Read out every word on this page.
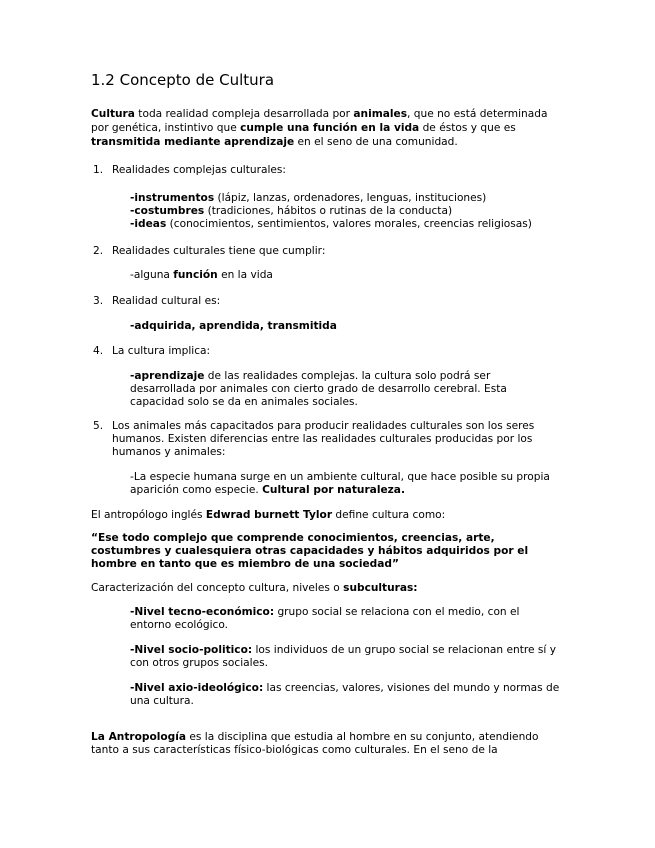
1.2 Concepto de Cultura
Cultura toda realidad compleja desarrollada por animales, que no está determinada
por genética, instintivo que cumple una función en la vida de éstos y que es
transmitida mediante aprendizaje en el seno de una comunidad.
1. Realidades complejas culturales:
-instrumentos (lápiz, lanzas, ordenadores, lenguas, instituciones)
-costumbres (tradiciones, hábitos o rutinas de la conducta)
-ideas (conocimientos, sentimientos, valores morales, creencias religiosas)
2. Realidades culturales tiene que cumplir:
-alguna función en la vida
3. Realidad cultural es:
-adquirida, aprendida, transmitida
4. La cultura implica:
-aprendizaje de las realidades complejas. la cultura solo podrá ser
desarrollada por animales con cierto grado de desarrollo cerebral. Esta
capacidad solo se da en animales sociales.
5. Los animales más capacitados para producir realidades culturales son los seres
humanos. Existen diferencias entre las realidades culturales producidas por los
humanos y animales:
-La especie humana surge en un ambiente cultural, que hace posible su propia
aparición como especie. Cultural por naturaleza.
El antropólogo inglés Edwrad burnett Tylor define cultura como:
“Ese todo complejo que comprende conocimientos, creencias, arte,
costumbres y cualesquiera otras capacidades y hábitos adquiridos por el
hombre en tanto que es miembro de una sociedad”
Caracterización del concepto cultura, niveles o subculturas:
-Nivel tecno-económico: grupo social se relaciona con el medio, con el
entorno ecológico.
-Nivel socio-politico: los individuos de un grupo social se relacionan entre sí y
con otros grupos sociales.
-Nivel axio-ideológico: las creencias, valores, visiones del mundo y normas de
una cultura.
La Antropología es la disciplina que estudia al hombre en su conjunto, atendiendo
tanto a sus características físico-biológicas como culturales. En el seno de la
